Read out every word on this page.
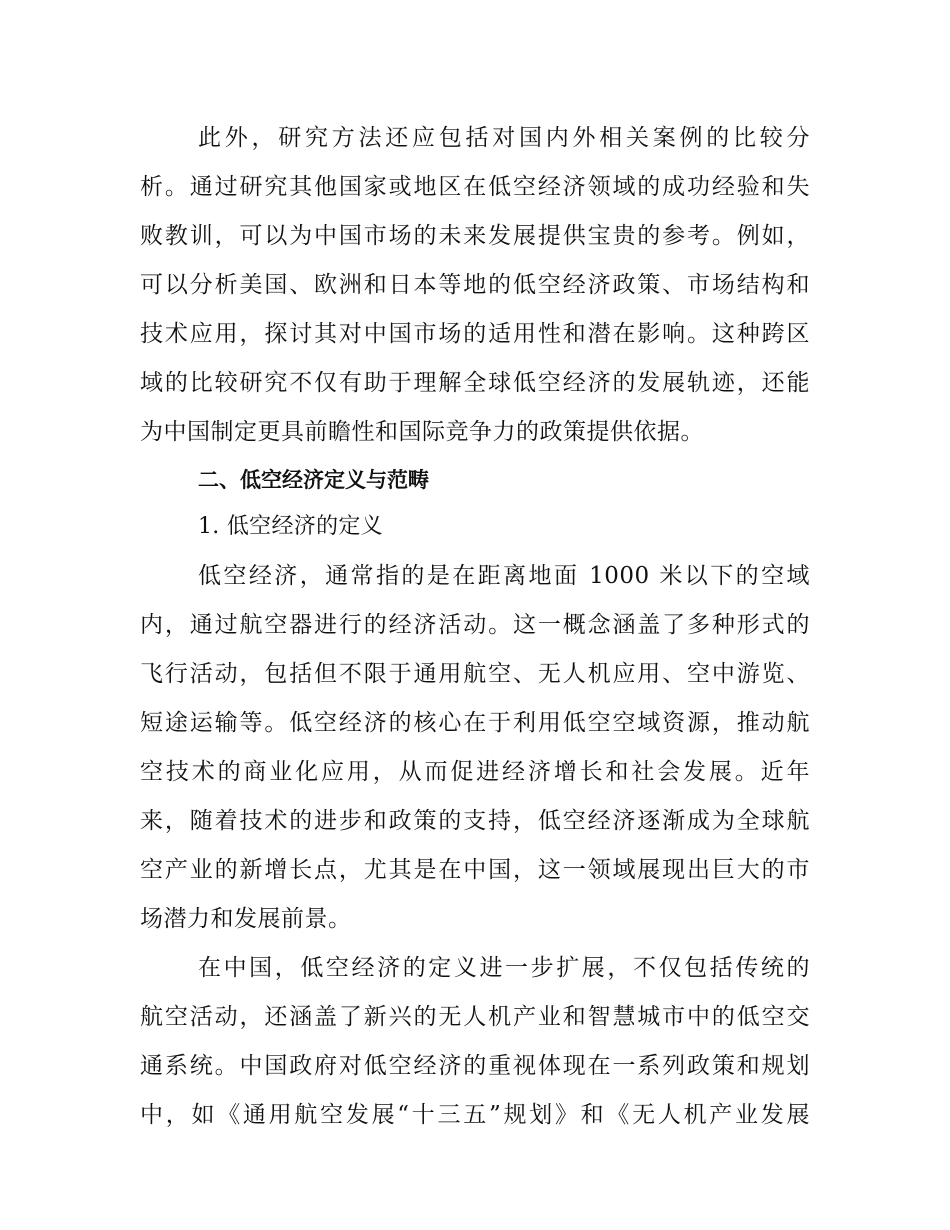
此外，研究方法还应包括对国内外相关案例的比较分
析。通过研究其他国家或地区在低空经济领域的成功经验和失
败教训，可以为中国市场的未来发展提供宝贵的参考。例如，
可以分析美国、欧洲和日本等地的低空经济政策、市场结构和
技术应用，探讨其对中国市场的适用性和潜在影响。这种跨区
域的比较研究不仅有助于理解全球低空经济的发展轨迹，还能
为中国制定更具前瞻性和国际竞争力的政策提供依据。
二、低空经济定义与范畴
1. 低空经济的定义
低空经济，通常指的是在距离地面 1000 米以下的空域
内，通过航空器进行的经济活动。这一概念涵盖了多种形式的
飞行活动，包括但不限于通用航空、无人机应用、空中游览、
短途运输等。低空经济的核心在于利用低空空域资源，推动航
空技术的商业化应用，从而促进经济增长和社会发展。近年
来，随着技术的进步和政策的支持，低空经济逐渐成为全球航
空产业的新增长点，尤其是在中国，这一领域展现出巨大的市
场潜力和发展前景。
在中国，低空经济的定义进一步扩展，不仅包括传统的
航空活动，还涵盖了新兴的无人机产业和智慧城市中的低空交
通系统。中国政府对低空经济的重视体现在一系列政策和规划
中，如《通用航空发展“十三五”规划》和《无人机产业发展
